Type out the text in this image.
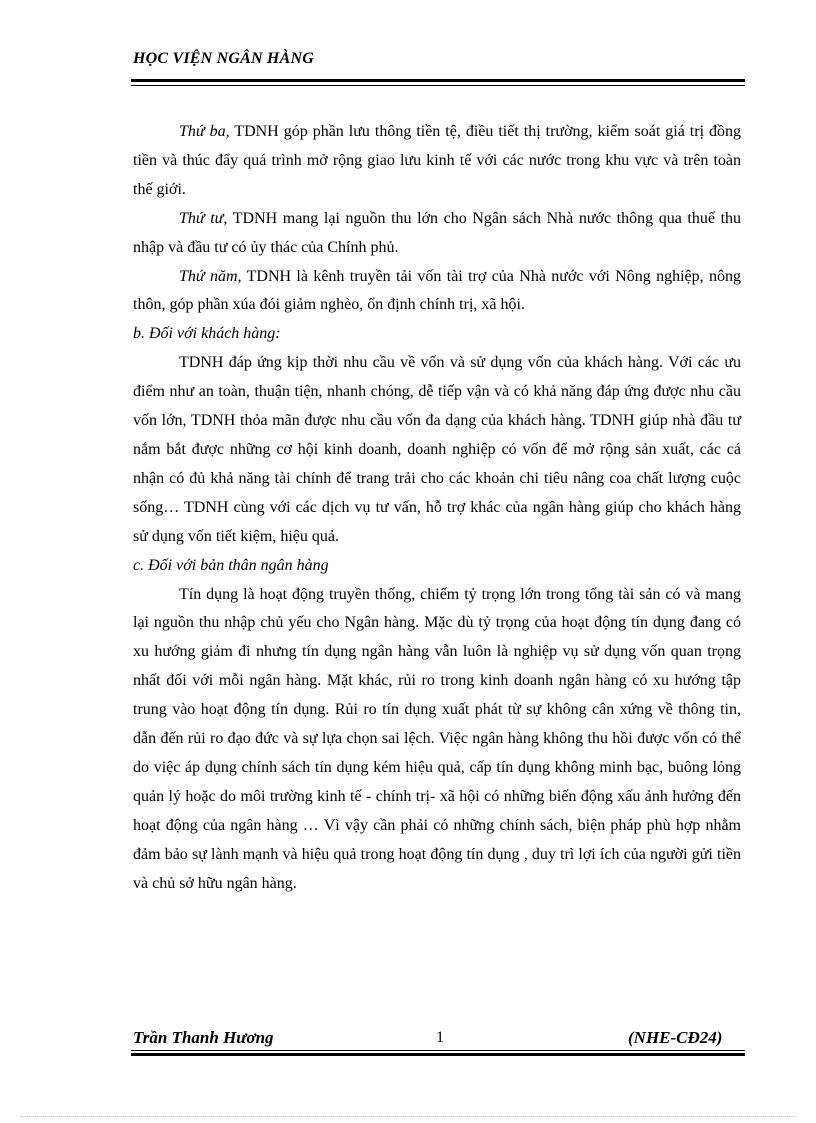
HỌC VIỆN NGÂN HÀNG

Thứ ba, TDNH góp phần lưu thông tiền tệ, điều tiết thị trường, kiểm soát giá trị đồng tiền và thúc đẩy quá trình mở rộng giao lưu kinh tế với các nước trong khu vực và trên toàn thế giới.

Thứ tư, TDNH mang lại nguồn thu lớn cho Ngân sách Nhà nước thông qua thuế thu nhập và đầu tư có ủy thác của Chính phủ.

Thứ năm, TDNH là kênh truyền tải vốn tài trợ của Nhà nước với Nông nghiệp, nông thôn, góp phần xúa đói giảm nghèo, ổn định chính trị, xã hội.

b. Đối với khách hàng:

TDNH đáp ứng kịp thời nhu cầu về vốn và sử dụng vốn của khách hàng. Với các ưu điểm như an toàn, thuận tiện, nhanh chóng, dễ tiếp vận và có khả năng đáp ứng được nhu cầu vốn lớn, TDNH thỏa mãn được nhu cầu vốn đa dạng của khách hàng. TDNH giúp nhà đầu tư nắm bắt được những cơ hội kinh doanh, doanh nghiệp có vốn để mở rộng sản xuất, các cá nhận có đủ khả năng tài chính để trang trải cho các khoản chi tiêu nâng coa chất lượng cuộc sống… TDNH cùng với các dịch vụ tư vấn, hỗ trợ khác của ngân hàng giúp cho khách hàng sử dụng vốn tiết kiệm, hiệu quả.

c. Đối với bản thân ngân hàng

Tín dụng là hoạt động truyền thống, chiếm tỷ trọng lớn trong tổng tài sản có và mang lại nguồn thu nhập chủ yếu cho Ngân hàng. Mặc dù tỷ trọng của hoạt động tín dụng đang có xu hướng giảm đi nhưng tín dụng ngân hàng vẫn luôn là nghiệp vụ sử dụng vốn quan trọng nhất đối với mỗi ngân hàng. Mặt khác, rủi ro trong kinh doanh ngân hàng có xu hướng tập trung vào hoạt động tín dụng. Rủi ro tín dụng xuất phát từ sự không cân xứng về thông tin, dẫn đến rủi ro đạo đức và sự lựa chọn sai lệch. Việc ngân hàng không thu hồi được vốn có thể do việc áp dụng chính sách tín dụng kém hiệu quả, cấp tín dụng không minh bạc, buông lỏng quản lý hoặc do môi trường kinh tế - chính trị- xã hội có những biến động xấu ảnh hưởng đến hoạt động của ngân hàng … Vì vậy cần phải có những chính sách, biện pháp phù hợp nhằm đảm bảo sự lành mạnh và hiệu quả trong hoạt động tín dụng , duy trì lợi ích của người gửi tiền và chủ sở hữu ngân hàng.

Trần Thanh Hương	1	(NHE-CĐ24)
